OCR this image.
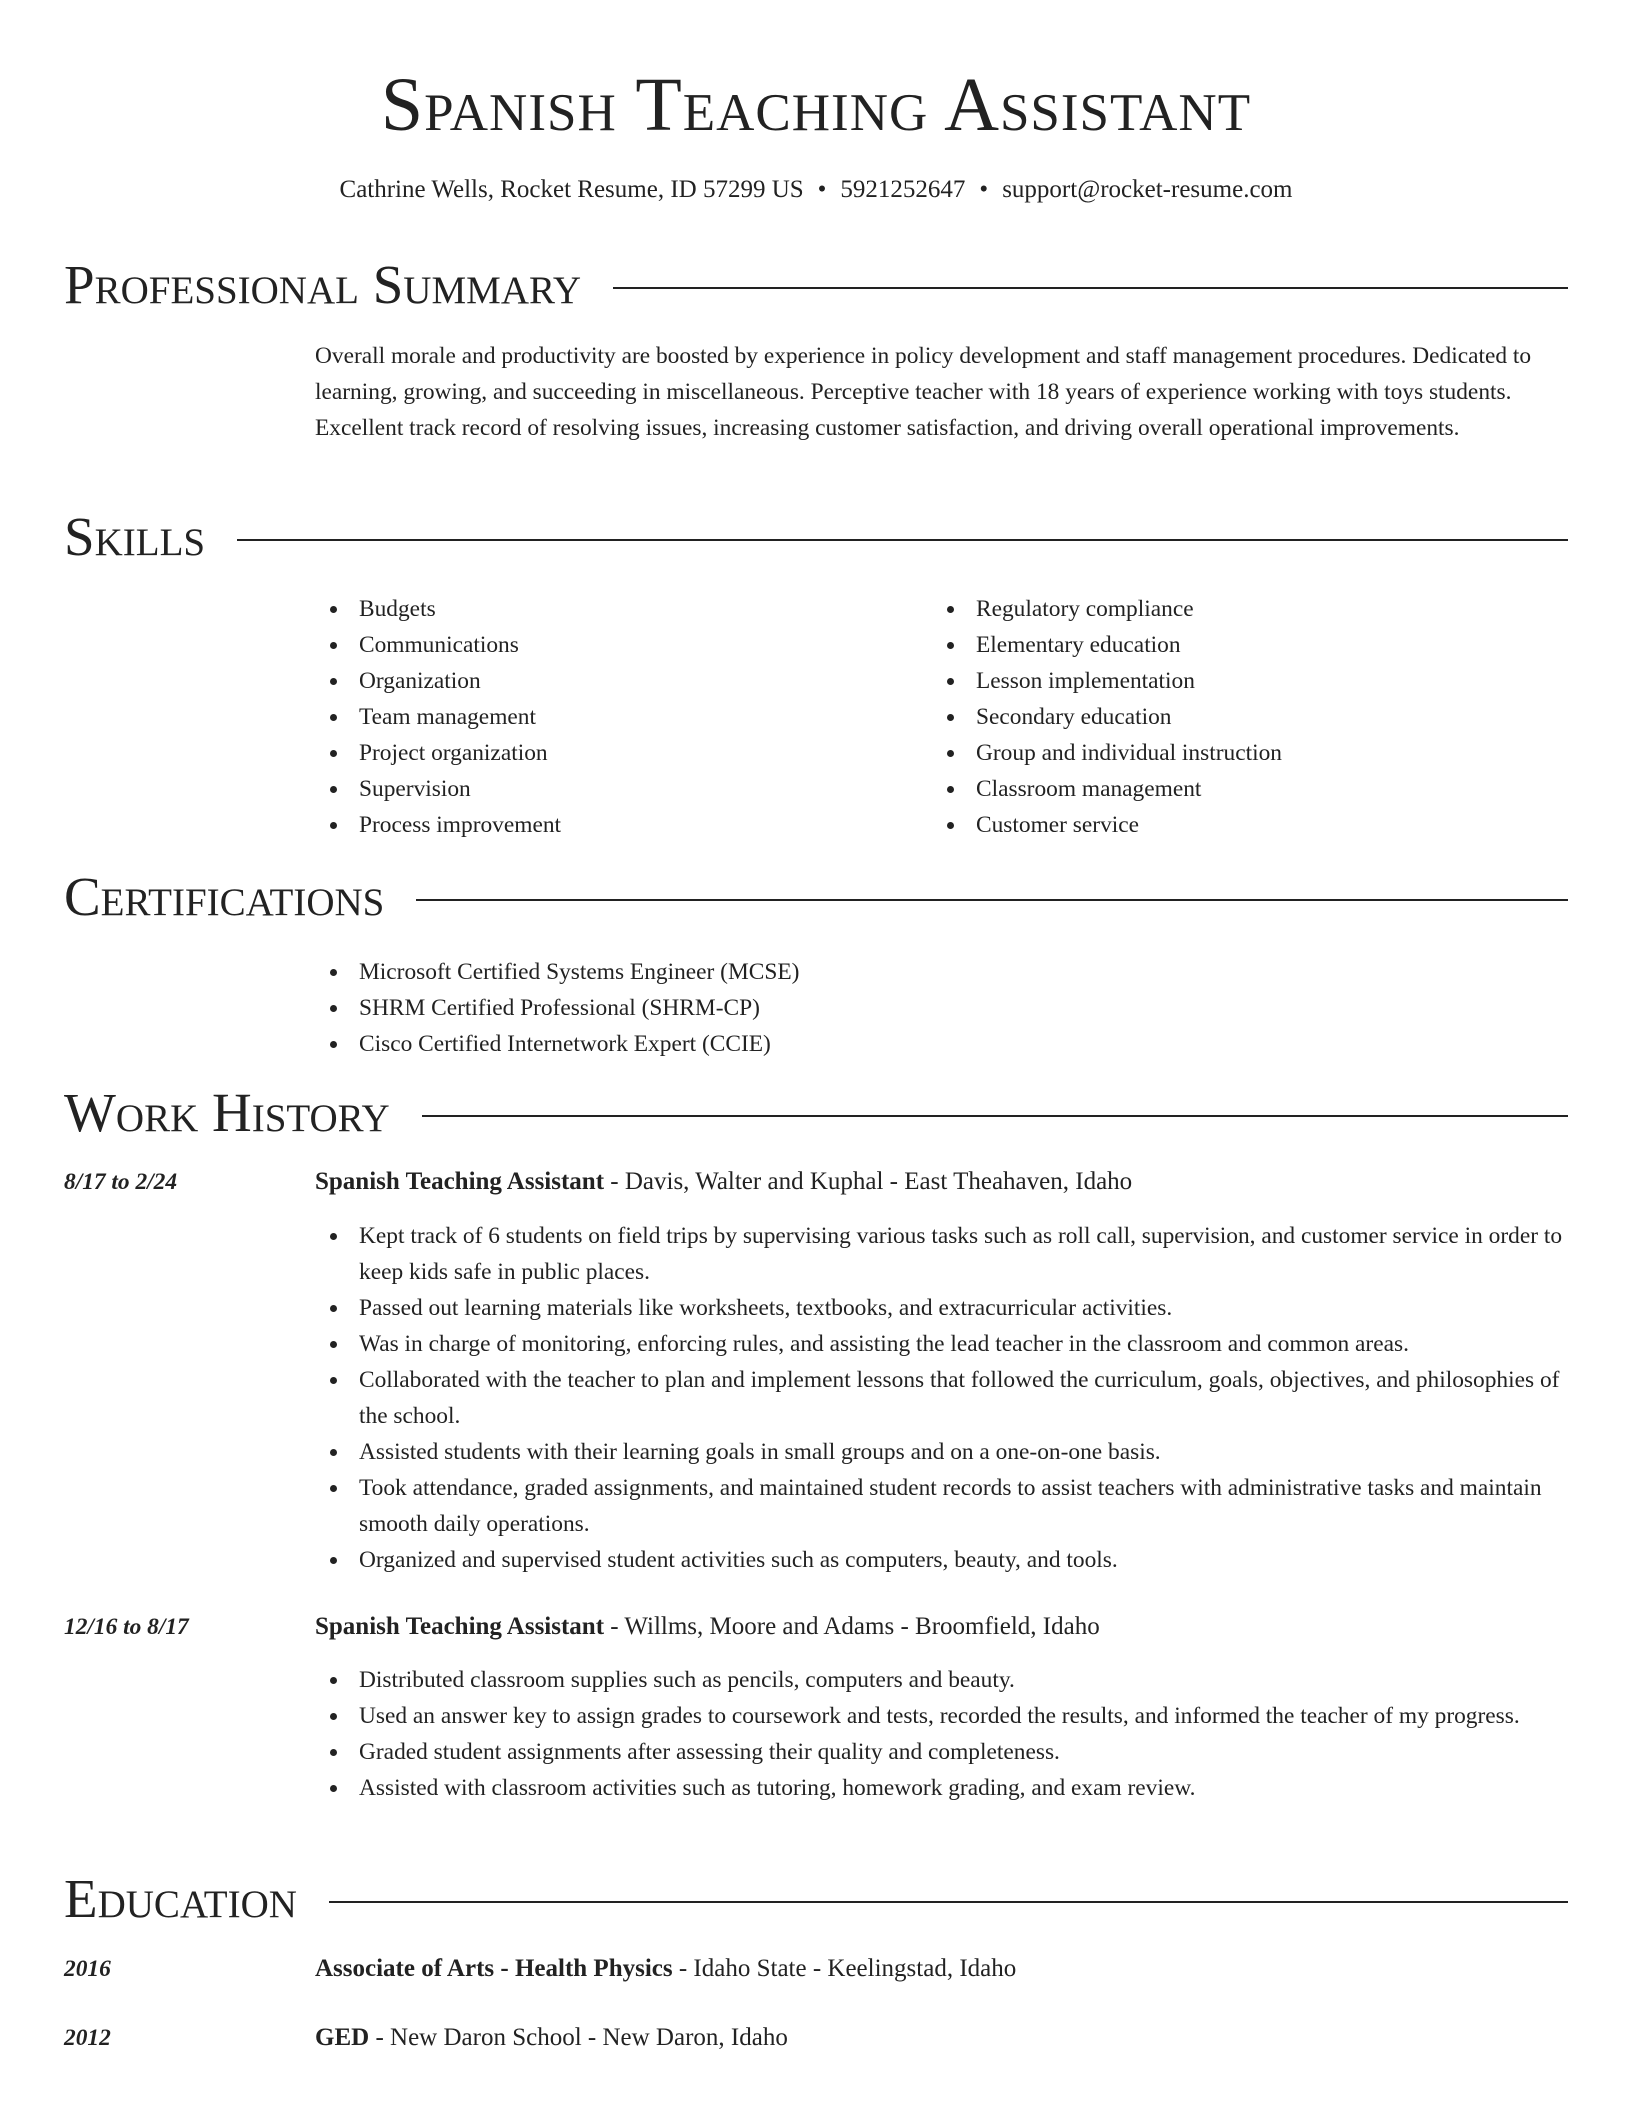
Spanish Teaching Assistant
Cathrine Wells, Rocket Resume, ID 57299 US • 5921252647 • support@rocket-resume.com
Professional Summary
Overall morale and productivity are boosted by experience in policy development and staff management procedures. Dedicated to learning, growing, and succeeding in miscellaneous. Perceptive teacher with 18 years of experience working with toys students. Excellent track record of resolving issues, increasing customer satisfaction, and driving overall operational improvements.
Skills
Budgets
Communications
Organization
Team management
Project organization
Supervision
Process improvement
Regulatory compliance
Elementary education
Lesson implementation
Secondary education
Group and individual instruction
Classroom management
Customer service
Certifications
Microsoft Certified Systems Engineer (MCSE)
SHRM Certified Professional (SHRM-CP)
Cisco Certified Internetwork Expert (CCIE)
Work History
8/17 to 2/24	Spanish Teaching Assistant - Davis, Walter and Kuphal - East Theahaven, Idaho
Kept track of 6 students on field trips by supervising various tasks such as roll call, supervision, and customer service in order to keep kids safe in public places.
Passed out learning materials like worksheets, textbooks, and extracurricular activities.
Was in charge of monitoring, enforcing rules, and assisting the lead teacher in the classroom and common areas.
Collaborated with the teacher to plan and implement lessons that followed the curriculum, goals, objectives, and philosophies of the school.
Assisted students with their learning goals in small groups and on a one-on-one basis.
Took attendance, graded assignments, and maintained student records to assist teachers with administrative tasks and maintain smooth daily operations.
Organized and supervised student activities such as computers, beauty, and tools.
12/16 to 8/17	Spanish Teaching Assistant - Willms, Moore and Adams - Broomfield, Idaho
Distributed classroom supplies such as pencils, computers and beauty.
Used an answer key to assign grades to coursework and tests, recorded the results, and informed the teacher of my progress.
Graded student assignments after assessing their quality and completeness.
Assisted with classroom activities such as tutoring, homework grading, and exam review.
Education
2016	Associate of Arts - Health Physics - Idaho State - Keelingstad, Idaho
2012	GED - New Daron School - New Daron, Idaho
